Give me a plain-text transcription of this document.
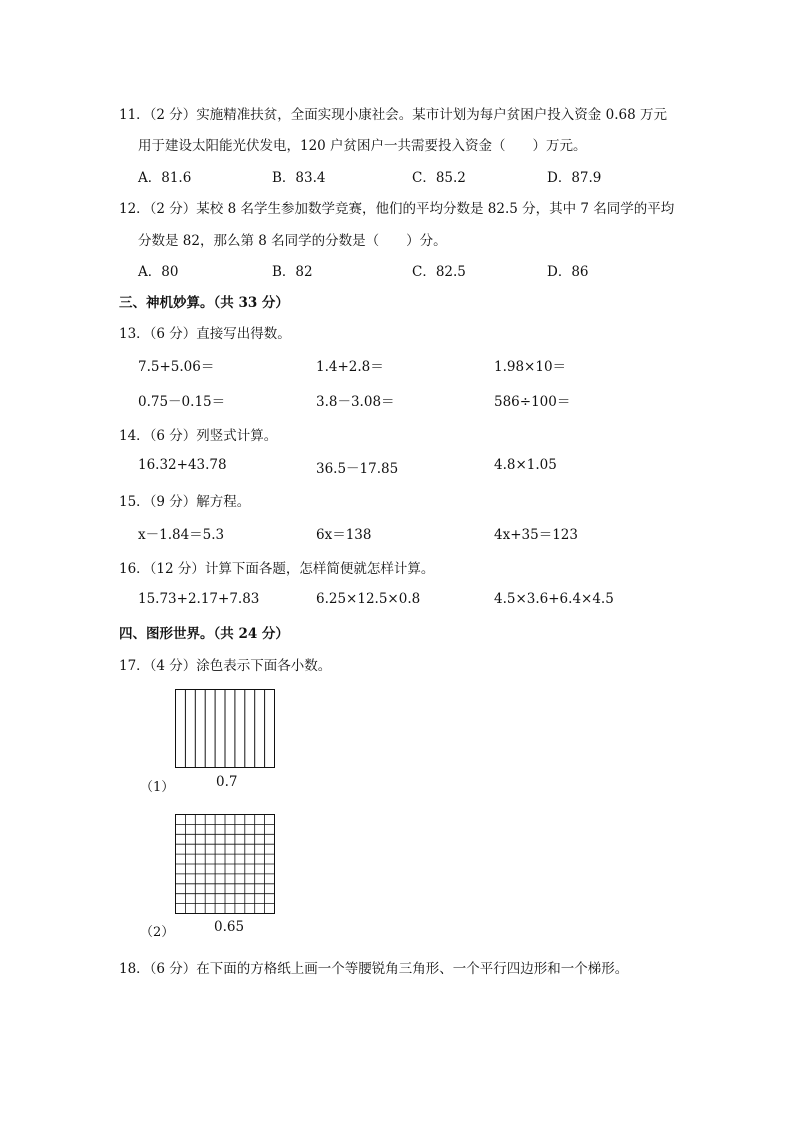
11．（2 分）实施精准扶贫，全面实现小康社会。某市计划为每户贫困户投入资金 0.68 万元
用于建设太阳能光伏发电，120 户贫困户一共需要投入资金（　　）万元。
A．81.6	B．83.4	C．85.2	D．87.9
12．（2 分）某校 8 名学生参加数学竞赛，他们的平均分数是 82.5 分，其中 7 名同学的平均
分数是 82，那么第 8 名同学的分数是（　　）分。
A．80	B．82	C．82.5	D．86
三、神机妙算。（共 33 分）
13．（6 分）直接写出得数。
7.5+5.06＝	1.4+2.8＝	1.98×10＝
0.75－0.15＝	3.8－3.08＝	586÷100＝
14．（6 分）列竖式计算。
16.32+43.78	36.5－17.85	4.8×1.05
15．（9 分）解方程。
x－1.84＝5.3	6x＝138	4x+35＝123
16．（12 分）计算下面各题，怎样简便就怎样计算。
15.73+2.17+7.83	6.25×12.5×0.8	4.5×3.6+6.4×4.5
四、图形世界。（共 24 分）
17．（4 分）涂色表示下面各小数。
（1）	0.7
（2）	0.65
18．（6 分）在下面的方格纸上画一个等腰锐角三角形、一个平行四边形和一个梯形。
